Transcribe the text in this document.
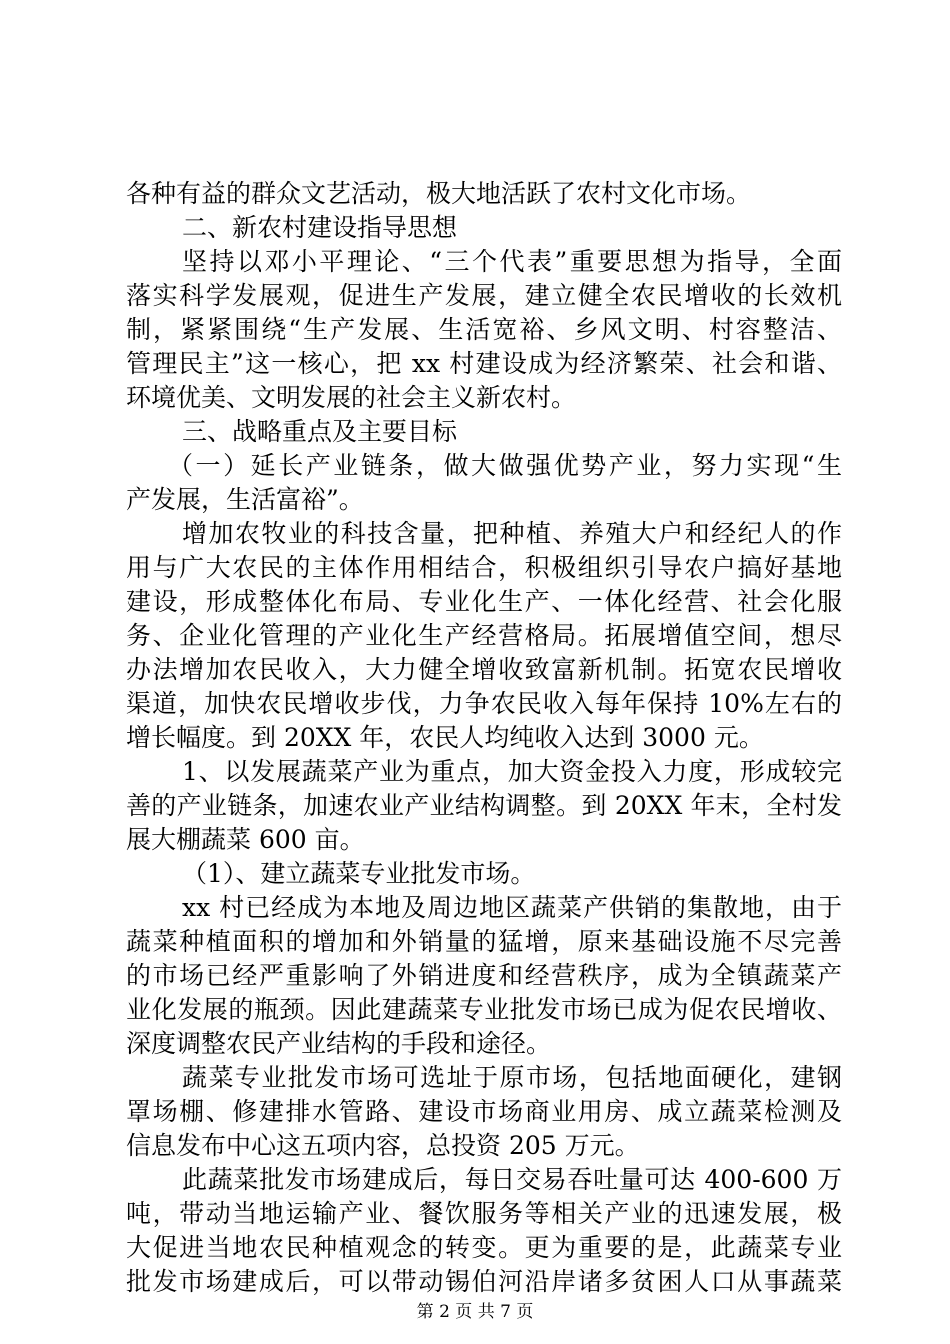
各种有益的群众文艺活动，极大地活跃了农村文化市场。
二、新农村建设指导思想
坚持以邓小平理论、“三个代表”重要思想为指导，全面
落实科学发展观，促进生产发展，建立健全农民增收的长效机
制，紧紧围绕“生产发展、生活宽裕、乡风文明、村容整洁、
管理民主”这一核心，把 xx 村建设成为经济繁荣、社会和谐、
环境优美、文明发展的社会主义新农村。
三、战略重点及主要目标
（一）延长产业链条，做大做强优势产业，努力实现“生
产发展，生活富裕”。
增加农牧业的科技含量，把种植、养殖大户和经纪人的作
用与广大农民的主体作用相结合，积极组织引导农户搞好基地
建设，形成整体化布局、专业化生产、一体化经营、社会化服
务、企业化管理的产业化生产经营格局。拓展增值空间，想尽
办法增加农民收入，大力健全增收致富新机制。拓宽农民增收
渠道，加快农民增收步伐，力争农民收入每年保持 10%左右的
增长幅度。到 20XX 年，农民人均纯收入达到 3000 元。
1、以发展蔬菜产业为重点，加大资金投入力度，形成较完
善的产业链条，加速农业产业结构调整。到 20XX 年末，全村发
展大棚蔬菜 600 亩。
（1）、建立蔬菜专业批发市场。
xx 村已经成为本地及周边地区蔬菜产供销的集散地，由于
蔬菜种植面积的增加和外销量的猛增，原来基础设施不尽完善
的市场已经严重影响了外销进度和经营秩序，成为全镇蔬菜产
业化发展的瓶颈。因此建蔬菜专业批发市场已成为促农民增收、
深度调整农民产业结构的手段和途径。
蔬菜专业批发市场可选址于原市场，包括地面硬化，建钢
罩场棚、修建排水管路、建设市场商业用房、成立蔬菜检测及
信息发布中心这五项内容，总投资 205 万元。
此蔬菜批发市场建成后，每日交易吞吐量可达 400-600 万
吨，带动当地运输产业、餐饮服务等相关产业的迅速发展，极
大促进当地农民种植观念的转变。更为重要的是，此蔬菜专业
批发市场建成后，可以带动锡伯河沿岸诸多贫困人口从事蔬菜
第 2 页 共 7 页
